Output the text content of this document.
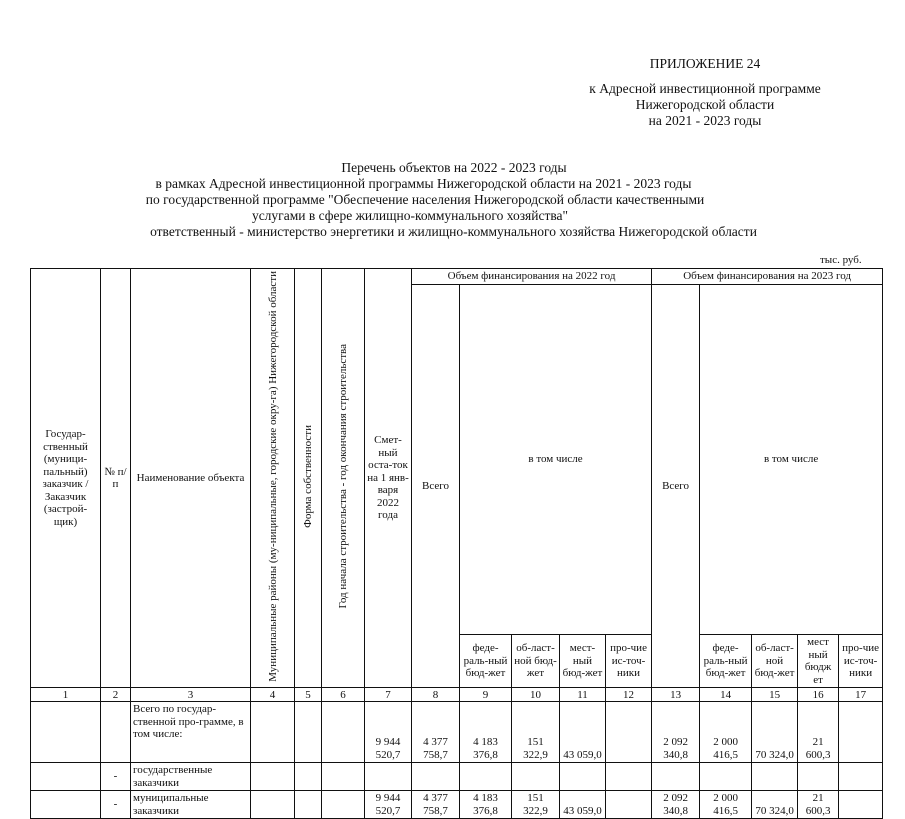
ПРИЛОЖЕНИЕ 24
к Адресной инвестиционной программе
Нижегородской области
на 2021 - 2023 годы
Перечень объектов на 2022 - 2023 годы
в рамках Адресной инвестиционной программы Нижегородской области на 2021 - 2023 годы
по государственной программе "Обеспечение населения Нижегородской области качественными
услугами в сфере жилищно-коммунального хозяйства"
ответственный - министерство энергетики и жилищно-коммунального хозяйства Нижегородской области
тыс. руб.
Государ-ственный (муници-пальный) заказчик / Заказчик (застрой-щик)	№ п/п	Наименование объекта	Муниципальные районы (му-ниципальные, городские окру-га) Нижегородской области	Форма собственности	Год начала строительства - год окончания строительства	Смет-ный оста-ток на 1 янв-варя 2022 года	Объем финансирования на 2022 год					Объем финансирования на 2023 год				
							Всего	в том числе				Всего	в том числе			
								феде-раль-ный бюд-жет	об-ласт-ной бюд-жет	мест-ный бюд-жет	про-чие ис-точ-ники		феде-раль-ный бюд-жет	об-ласт-ной бюд-жет	мест ный бюдж ет	про-чие ис-точ-ники
1	2	3	4	5	6	7	8	9	10	11	12	13	14	15	16	17
		Всего по государ-ственной про-грамме, в том числе:				9 944 520,7	4 377 758,7	4 183 376,8	151 322,9	43 059,0		2 092 340,8	2 000 416,5	70 324,0	21 600,3	
	-	государственные заказчики														
	-	муниципальные заказчики				9 944 520,7	4 377 758,7	4 183 376,8	151 322,9	43 059,0		2 092 340,8	2 000 416,5	70 324,0	21 600,3	
